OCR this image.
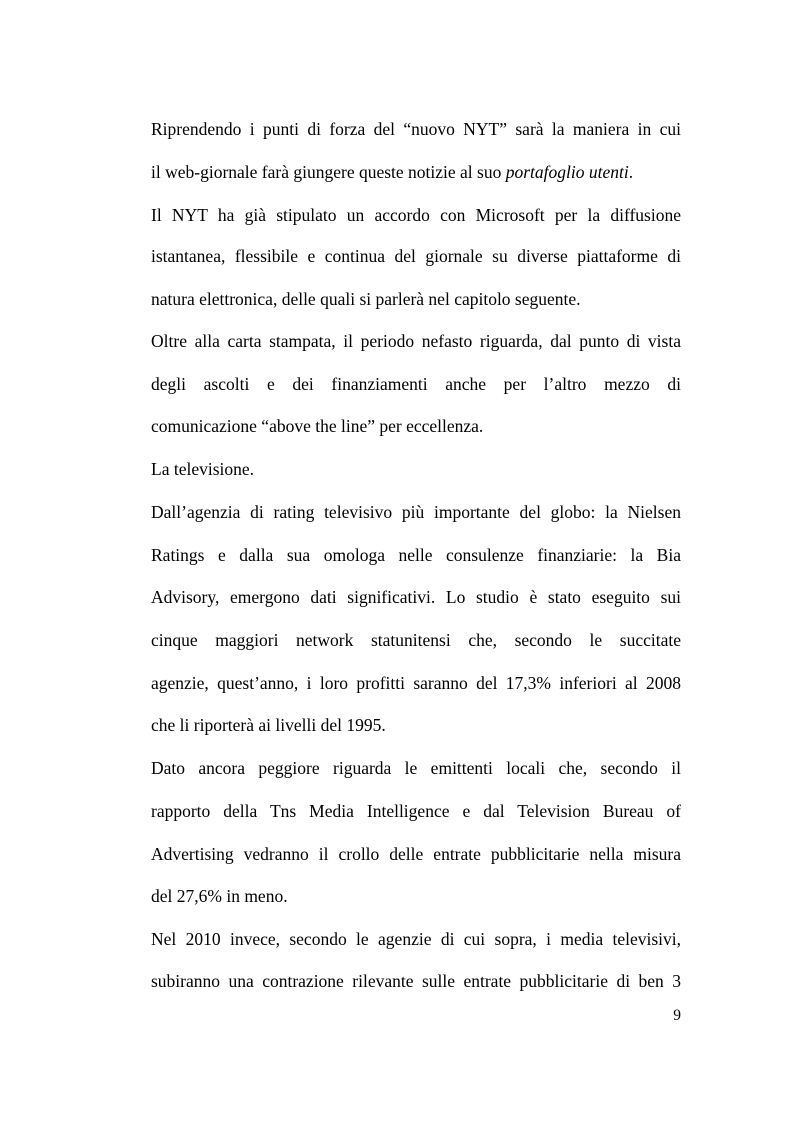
Riprendendo i punti di forza del “nuovo NYT” sarà la maniera in cui
il web-giornale farà giungere queste notizie al suo portafoglio utenti.
Il NYT ha già stipulato un accordo con Microsoft per la diffusione
istantanea, flessibile e continua del giornale su diverse piattaforme di
natura elettronica, delle quali si parlerà nel capitolo seguente.
Oltre alla carta stampata, il periodo nefasto riguarda, dal punto di vista
degli ascolti e dei finanziamenti anche per l’altro mezzo di
comunicazione “above the line” per eccellenza.
La televisione.
Dall’agenzia di rating televisivo più importante del globo: la Nielsen
Ratings e dalla sua omologa nelle consulenze finanziarie: la Bia
Advisory, emergono dati significativi. Lo studio è stato eseguito sui
cinque maggiori network statunitensi che, secondo le succitate
agenzie, quest’anno, i loro profitti saranno del 17,3% inferiori al 2008
che li riporterà ai livelli del 1995.
Dato ancora peggiore riguarda le emittenti locali che, secondo il
rapporto della Tns Media Intelligence e dal Television Bureau of
Advertising vedranno il crollo delle entrate pubblicitarie nella misura
del 27,6% in meno.
Nel 2010 invece, secondo le agenzie di cui sopra, i media televisivi,
subiranno una contrazione rilevante sulle entrate pubblicitarie di ben 3
9
